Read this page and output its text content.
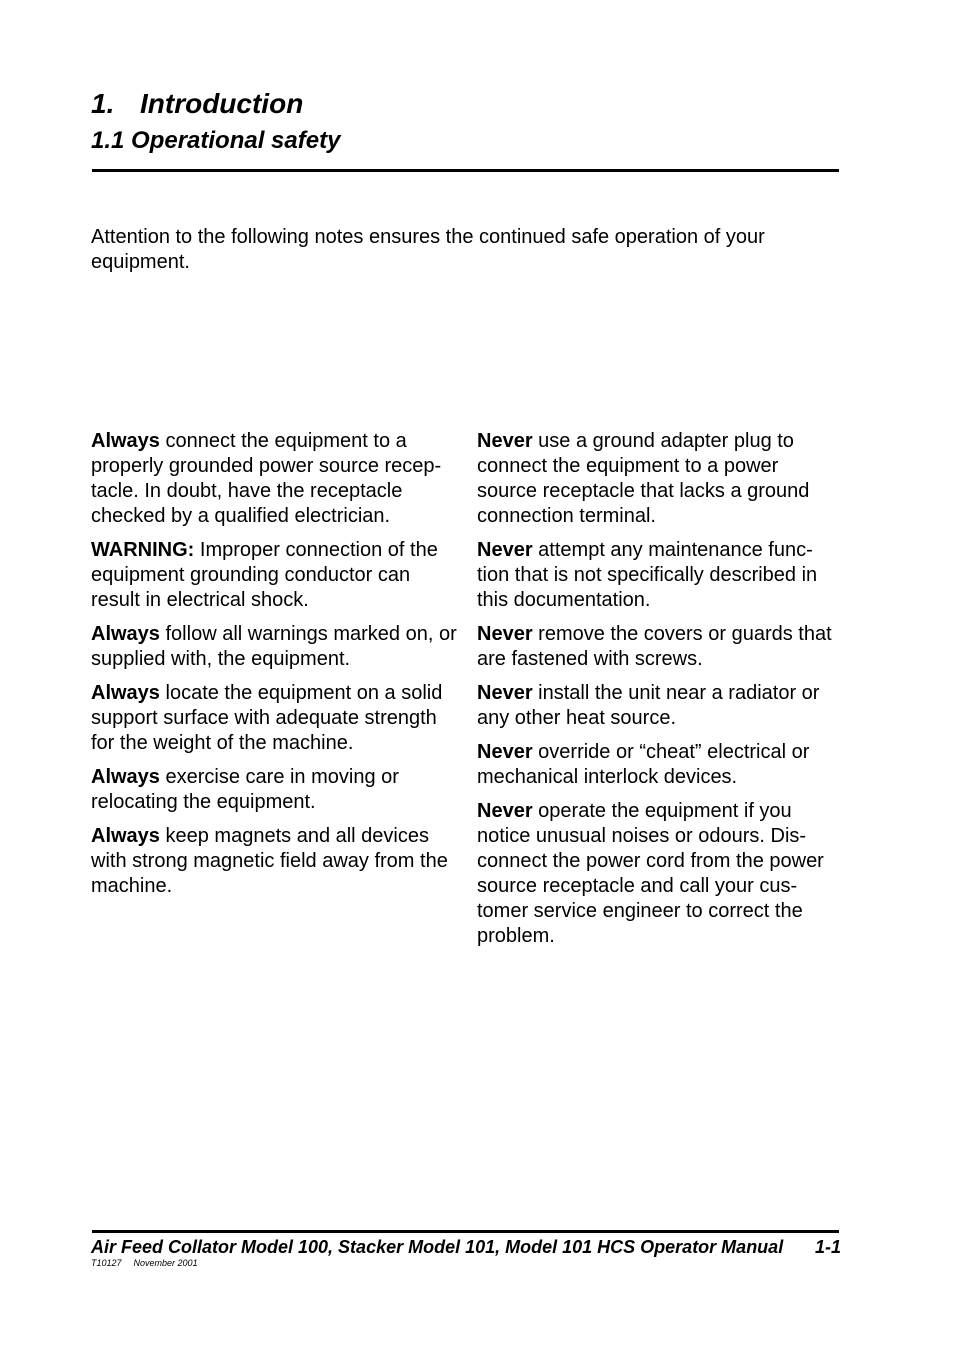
1. Introduction
1.1 Operational safety

Attention to the following notes ensures the continued safe operation of your equipment.

Always connect the equipment to a properly grounded power source recep-tacle. In doubt, have the receptacle checked by a qualified electrician.

WARNING: Improper connection of the equipment grounding conductor can result in electrical shock.

Always follow all warnings marked on, or supplied with, the equipment.

Always locate the equipment on a solid support surface with adequate strength for the weight of the machine.

Always exercise care in moving or relocating the equipment.

Always keep magnets and all devices with strong magnetic field away from the machine.

Never use a ground adapter plug to connect the equipment to a power source receptacle that lacks a ground connection terminal.

Never attempt any maintenance func-tion that is not specifically described in this documentation.

Never remove the covers or guards that are fastened with screws.

Never install the unit near a radiator or any other heat source.

Never override or “cheat” electrical or mechanical interlock devices.

Never operate the equipment if you notice unusual noises or odours. Dis-connect the power cord from the power source receptacle and call your cus-tomer service engineer to correct the problem.

Air Feed Collator Model 100, Stacker Model 101, Model 101 HCS Operator Manual 1-1
T10127 November 2001
